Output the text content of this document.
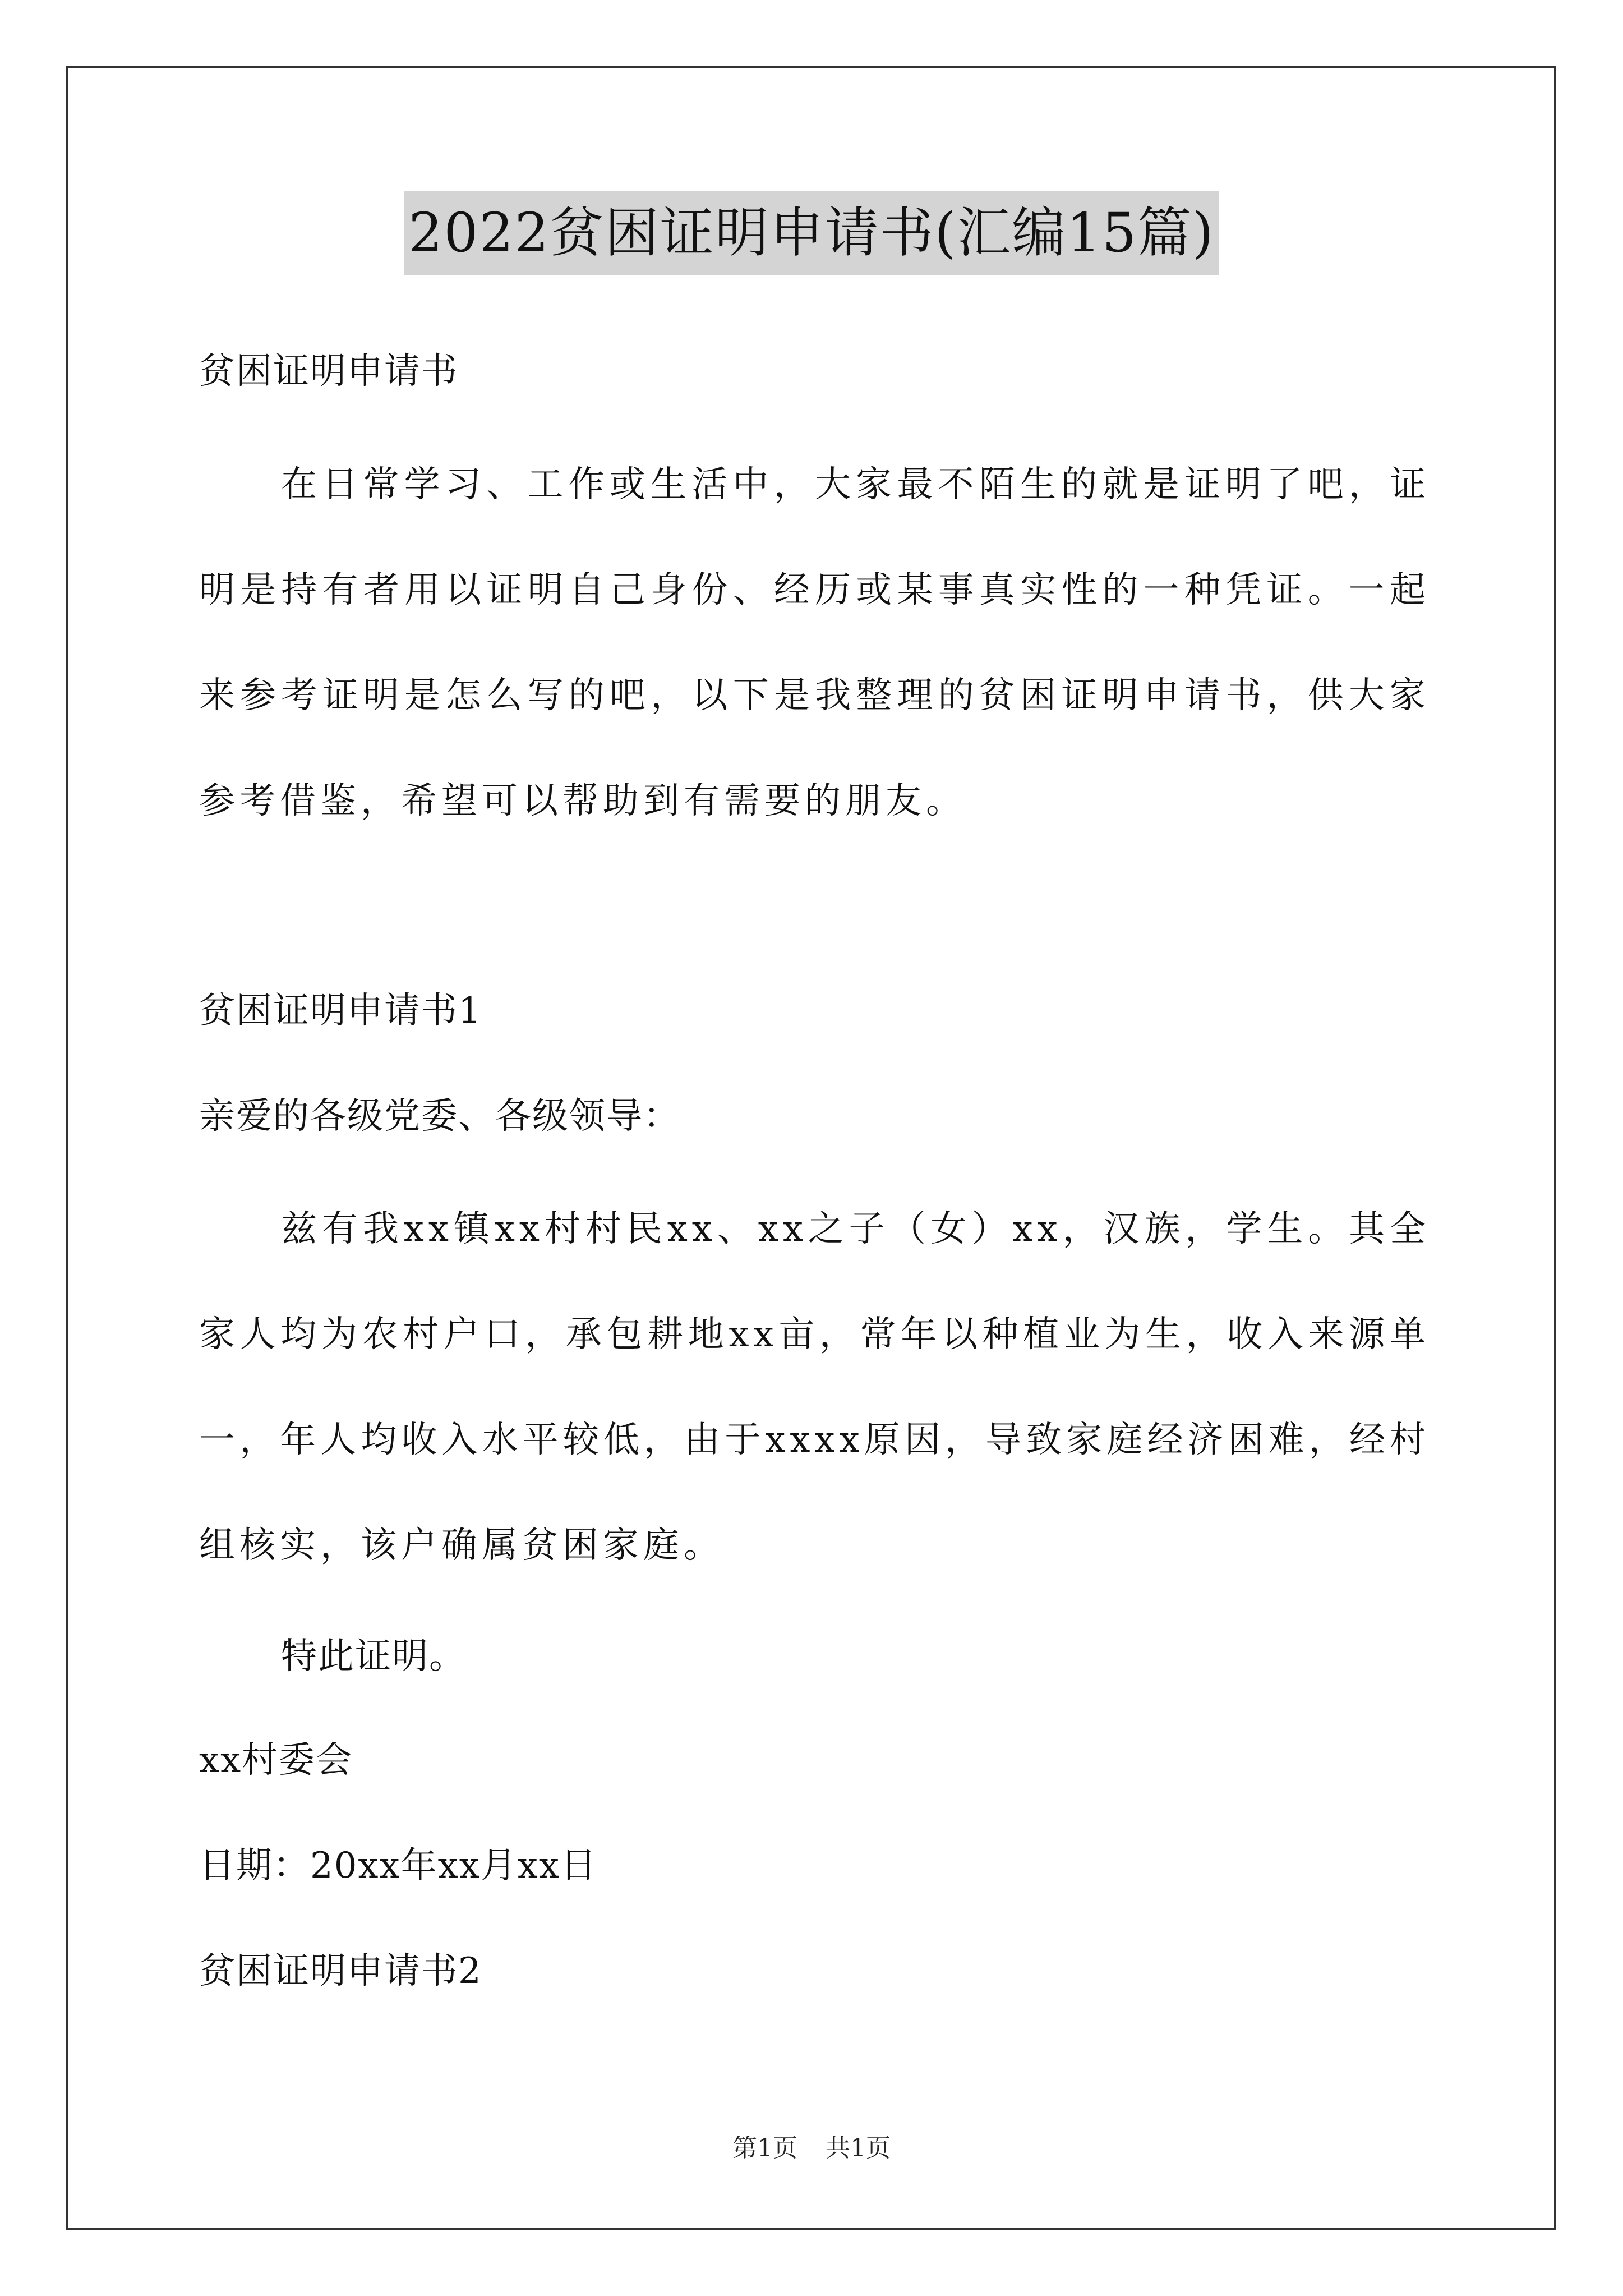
2022贫困证明申请书(汇编15篇)
贫困证明申请书
在日常学习、工作或生活中，大家最不陌生的就是证明了吧，证明是持有者用以证明自己身份、经历或某事真实性的一种凭证。一起来参考证明是怎么写的吧，以下是我整理的贫困证明申请书，供大家参考借鉴，希望可以帮助到有需要的朋友。
贫困证明申请书1
亲爱的各级党委、各级领导：
兹有我xx镇xx村村民xx、xx之子（女）xx，汉族，学生。其全家人均为农村户口，承包耕地xx亩，常年以种植业为生，收入来源单一，年人均收入水平较低，由于xxxx原因，导致家庭经济困难，经村组核实，该户确属贫困家庭。
特此证明。
xx村委会
日期：20xx年xx月xx日
贫困证明申请书2
第1页 共1页
